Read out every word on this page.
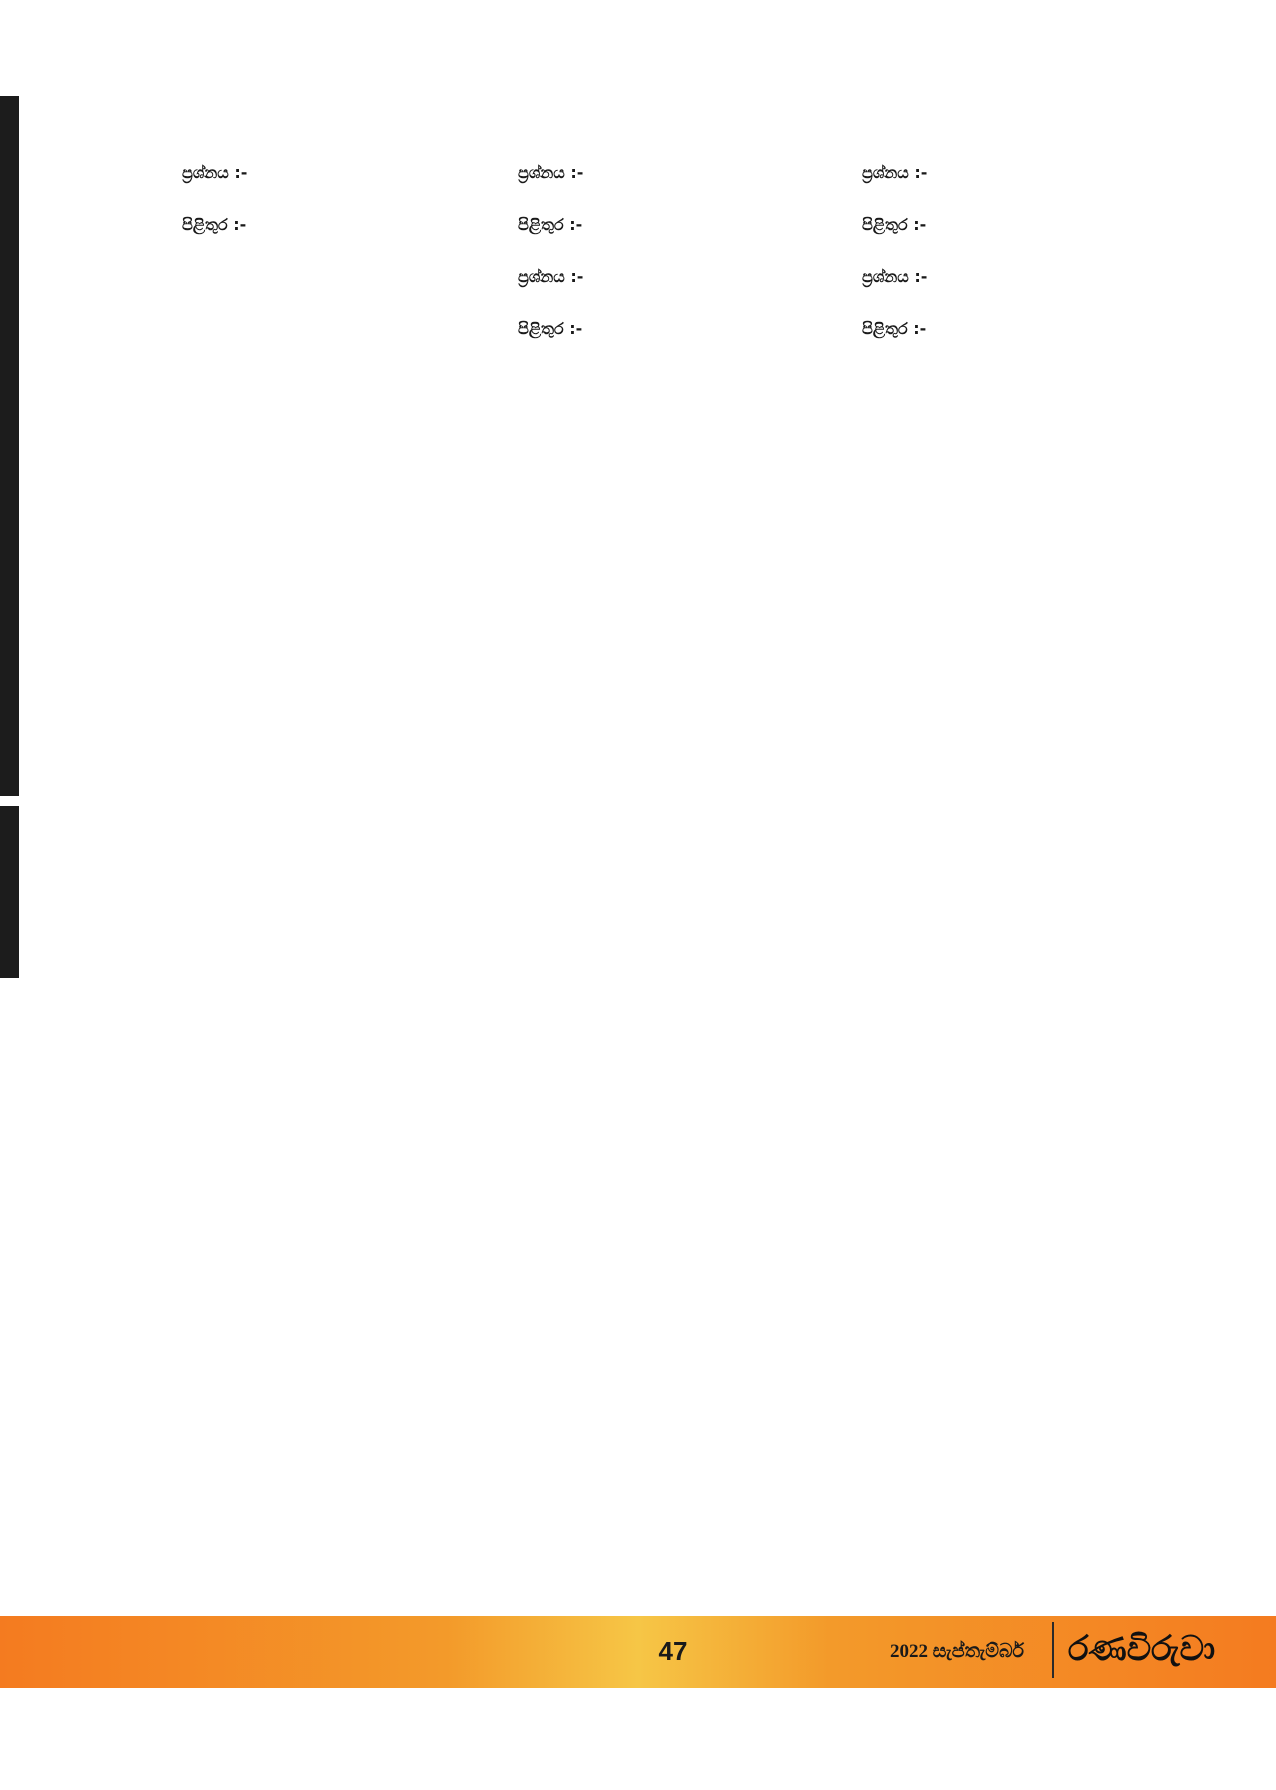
ප්‍රශ්නය :-
පිළිතුර :-
ප්‍රශ්නය :-
පිළිතුර :-
ප්‍රශ්නය :-
පිළිතුර :-
ප්‍රශ්නය :-
පිළිතුර :-
ප්‍රශ්නය :-
පිළිතුර :-
47	2022 සැප්තැම්බර්	රණවිරුවා
